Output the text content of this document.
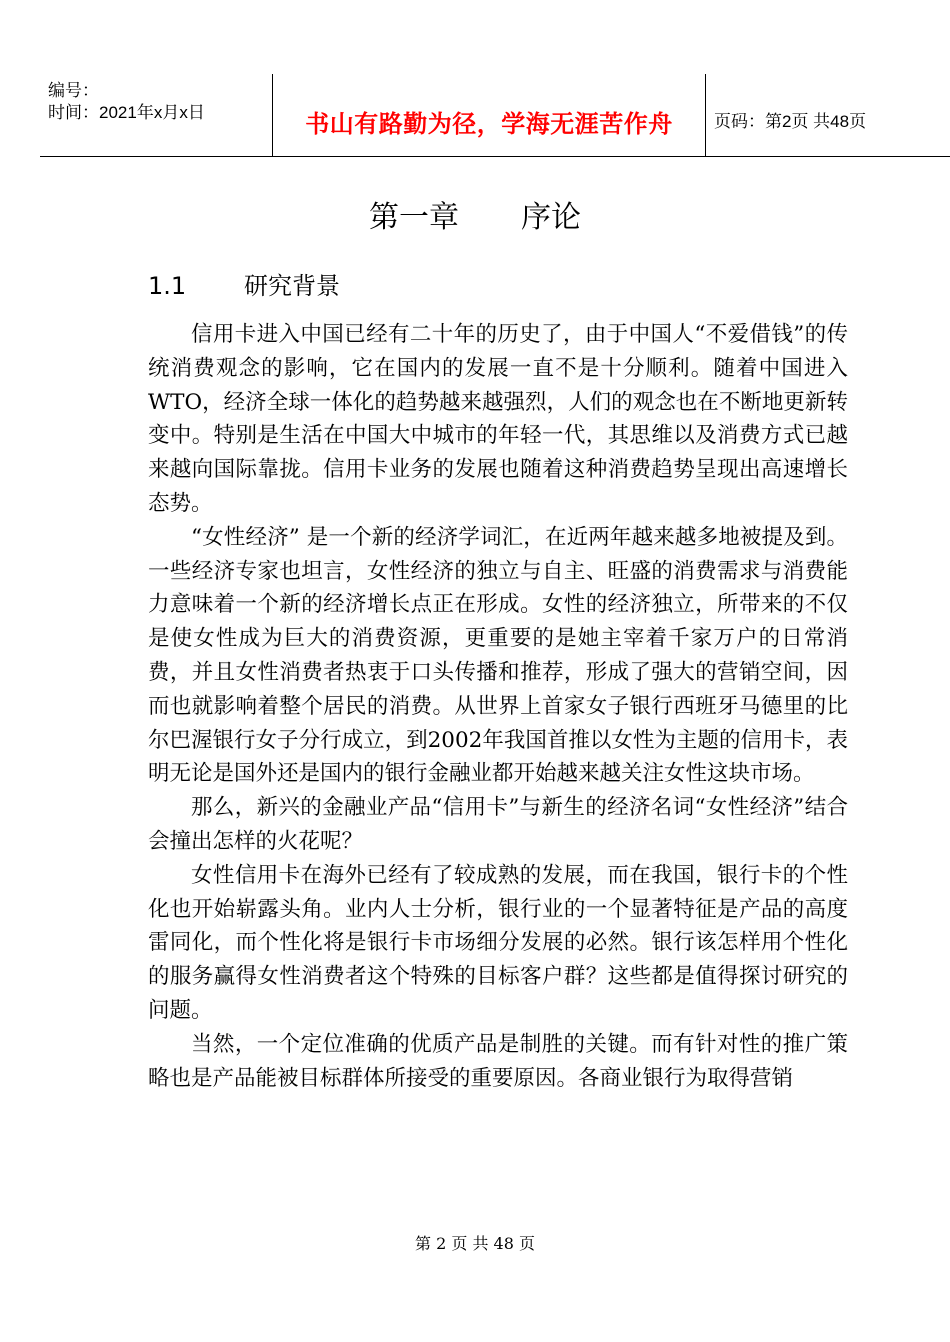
编号：
时间：2021年x月x日	书山有路勤为径，学海无涯苦作舟	页码：第2页 共48页
第一章 序论
1.1 研究背景

信用卡进入中国已经有二十年的历史了，由于中国人“不爱借钱”的传统消费观念的影响，它在国内的发展一直不是十分顺利。随着中国进入WTO，经济全球一体化的趋势越来越强烈，人们的观念也在不断地更新转变中。特别是生活在中国大中城市的年轻一代，其思维以及消费方式已越来越向国际靠拢。信用卡业务的发展也随着这种消费趋势呈现出高速增长态势。

“女性经济” 是一个新的经济学词汇，在近两年越来越多地被提及到。一些经济专家也坦言，女性经济的独立与自主、旺盛的消费需求与消费能力意味着一个新的经济增长点正在形成。女性的经济独立，所带来的不仅是使女性成为巨大的消费资源，更重要的是她主宰着千家万户的日常消费，并且女性消费者热衷于口头传播和推荐，形成了强大的营销空间，因而也就影响着整个居民的消费。从世界上首家女子银行西班牙马德里的比尔巴渥银行女子分行成立，到2002年我国首推以女性为主题的信用卡，表明无论是国外还是国内的银行金融业都开始越来越关注女性这块市场。

那么，新兴的金融业产品“信用卡”与新生的经济名词“女性经济”结合会撞出怎样的火花呢？

女性信用卡在海外已经有了较成熟的发展，而在我国，银行卡的个性化也开始崭露头角。业内人士分析，银行业的一个显著特征是产品的高度雷同化，而个性化将是银行卡市场细分发展的必然。银行该怎样用个性化的服务赢得女性消费者这个特殊的目标客户群？这些都是值得探讨研究的问题。

当然，一个定位准确的优质产品是制胜的关键。而有针对性的推广策略也是产品能被目标群体所接受的重要原因。各商业银行为取得营销

第 2 页 共 48 页
